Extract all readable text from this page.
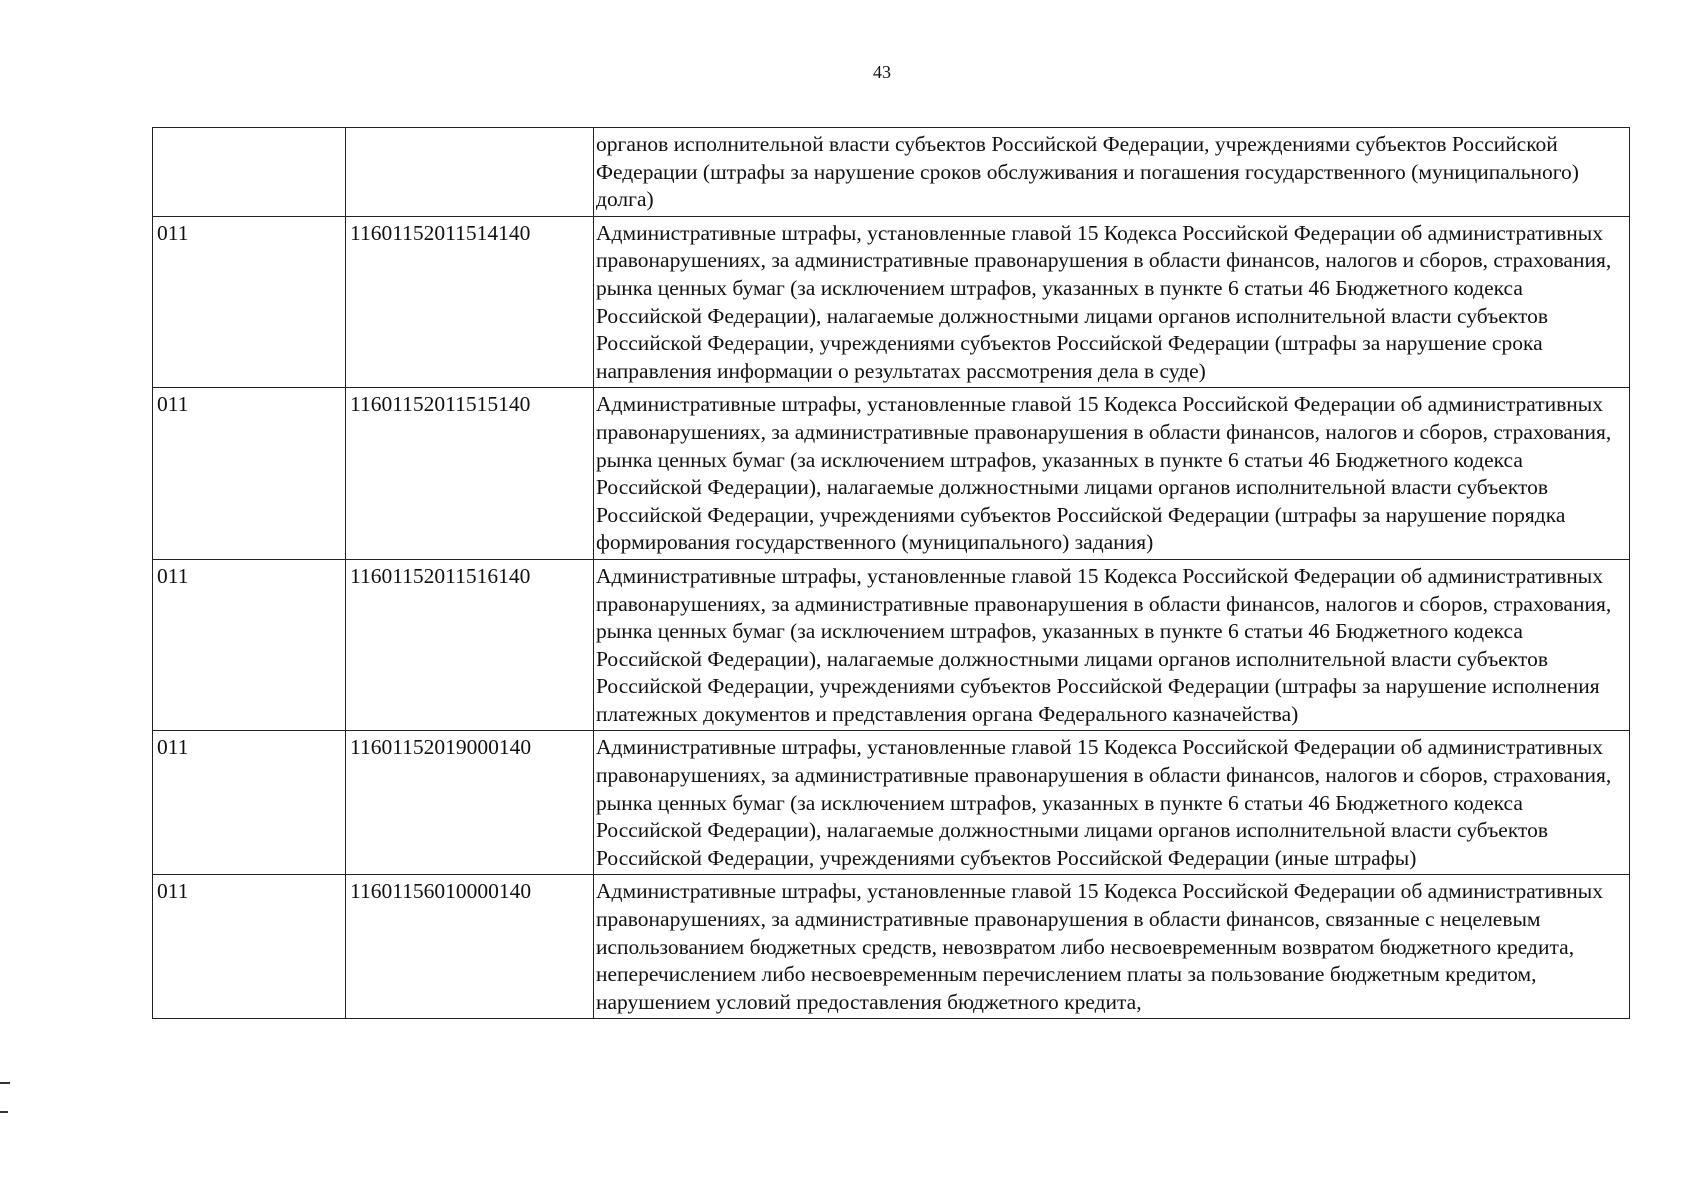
43
		органов исполнительной власти субъектов Российской Федерации, учреждениями субъектов Российской Федерации (штрафы за нарушение сроков обслуживания и погашения государственного (муниципального) долга)
011	11601152011514140	Административные штрафы, установленные главой 15 Кодекса Российской Федерации об административных правонарушениях, за административные правонарушения в области финансов, налогов и сборов, страхования, рынка ценных бумаг (за исключением штрафов, указанных в пункте 6 статьи 46 Бюджетного кодекса Российской Федерации), налагаемые должностными лицами органов исполнительной власти субъектов Российской Федерации, учреждениями субъектов Российской Федерации (штрафы за нарушение срока направления информации о результатах рассмотрения дела в суде)
011	11601152011515140	Административные штрафы, установленные главой 15 Кодекса Российской Федерации об административных правонарушениях, за административные правонарушения в области финансов, налогов и сборов, страхования, рынка ценных бумаг (за исключением штрафов, указанных в пункте 6 статьи 46 Бюджетного кодекса Российской Федерации), налагаемые должностными лицами органов исполнительной власти субъектов Российской Федерации, учреждениями субъектов Российской Федерации (штрафы за нарушение порядка формирования государственного (муниципального) задания)
011	11601152011516140	Административные штрафы, установленные главой 15 Кодекса Российской Федерации об административных правонарушениях, за административные правонарушения в области финансов, налогов и сборов, страхования, рынка ценных бумаг (за исключением штрафов, указанных в пункте 6 статьи 46 Бюджетного кодекса Российской Федерации), налагаемые должностными лицами органов исполнительной власти субъектов Российской Федерации, учреждениями субъектов Российской Федерации (штрафы за нарушение исполнения платежных документов и представления органа Федерального казначейства)
011	11601152019000140	Административные штрафы, установленные главой 15 Кодекса Российской Федерации об административных правонарушениях, за административные правонарушения в области финансов, налогов и сборов, страхования, рынка ценных бумаг (за исключением штрафов, указанных в пункте 6 статьи 46 Бюджетного кодекса Российской Федерации), налагаемые должностными лицами органов исполнительной власти субъектов Российской Федерации, учреждениями субъектов Российской Федерации (иные штрафы)
011	11601156010000140	Административные штрафы, установленные главой 15 Кодекса Российской Федерации об административных правонарушениях, за административные правонарушения в области финансов, связанные с нецелевым использованием бюджетных средств, невозвратом либо несвоевременным возвратом бюджетного кредита, неперечислением либо несвоевременным перечислением платы за пользование бюджетным кредитом, нарушением условий предоставления бюджетного кредита,
